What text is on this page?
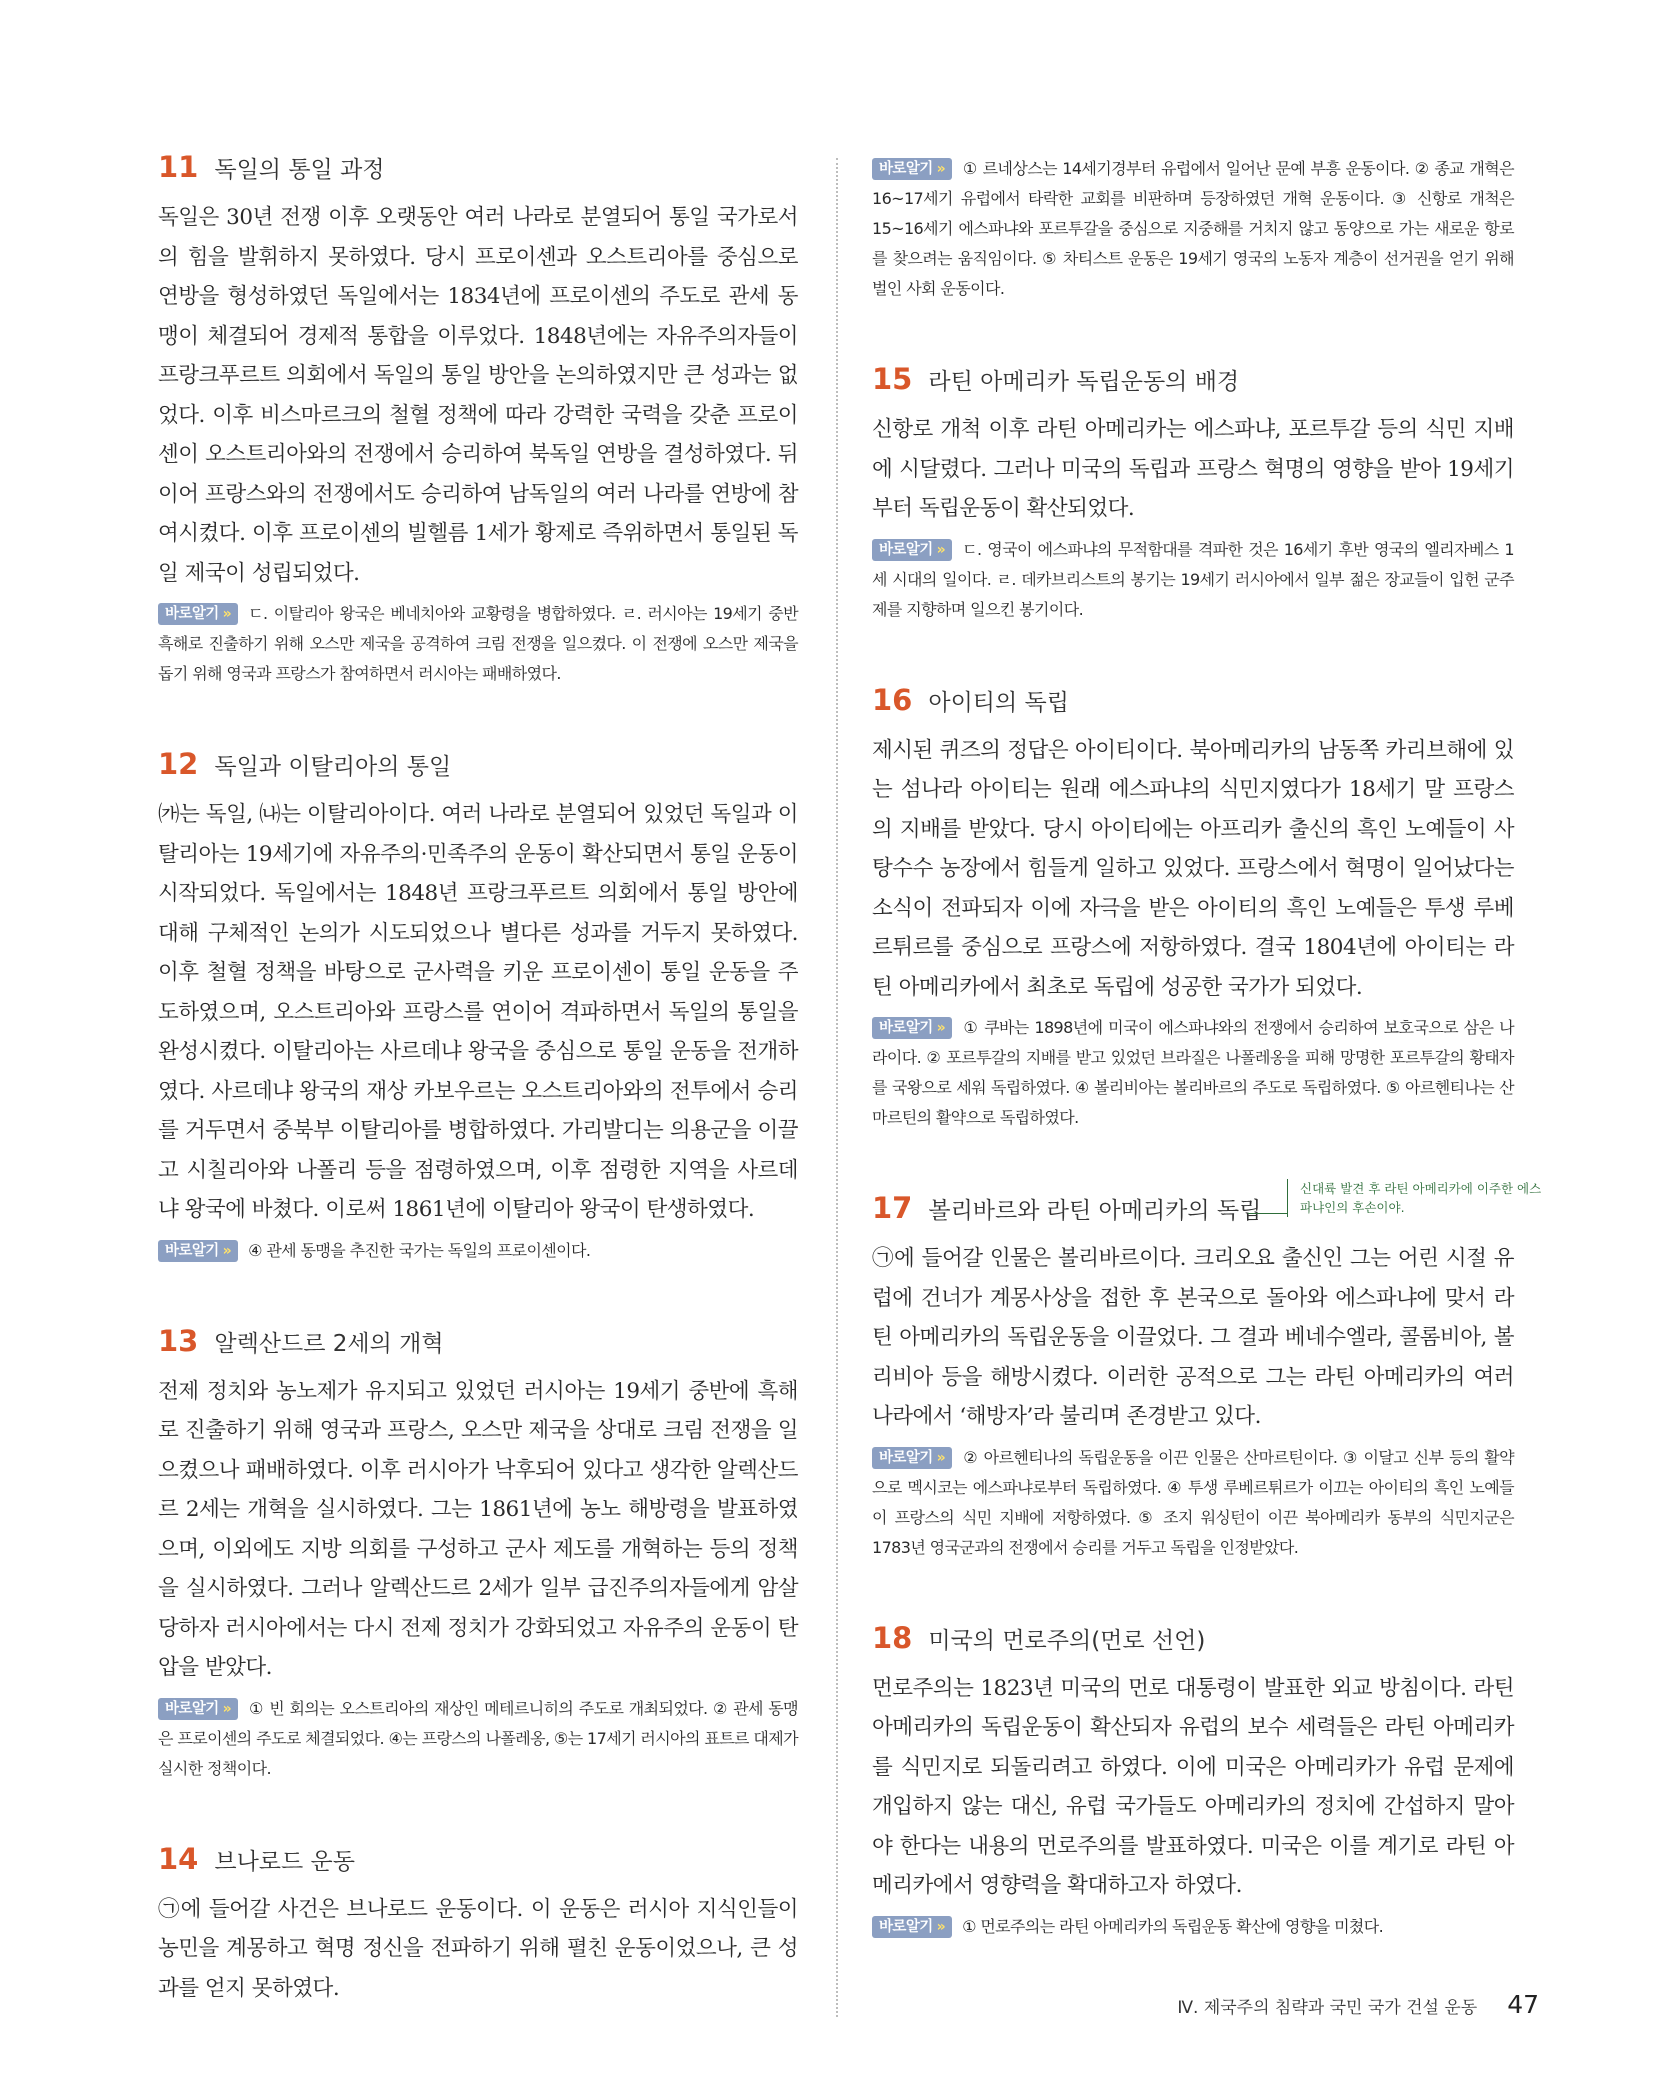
11 독일의 통일 과정

독일은 30년 전쟁 이후 오랫동안 여러 나라로 분열되어 통일 국가로서의 힘을 발휘하지 못하였다. 당시 프로이센과 오스트리아를 중심으로 연방을 형성하였던 독일에서는 1834년에 프로이센의 주도로 관세 동맹이 체결되어 경제적 통합을 이루었다. 1848년에는 자유주의자들이 프랑크푸르트 의회에서 독일의 통일 방안을 논의하였지만 큰 성과는 없었다. 이후 비스마르크의 철혈 정책에 따라 강력한 국력을 갖춘 프로이센이 오스트리아와의 전쟁에서 승리하여 북독일 연방을 결성하였다. 뒤이어 프랑스와의 전쟁에서도 승리하여 남독일의 여러 나라를 연방에 참여시켰다. 이후 프로이센의 빌헬름 1세가 황제로 즉위하면서 통일된 독일 제국이 성립되었다.

바로알기 » ㄷ. 이탈리아 왕국은 베네치아와 교황령을 병합하였다. ㄹ. 러시아는 19세기 중반 흑해로 진출하기 위해 오스만 제국을 공격하여 크림 전쟁을 일으켰다. 이 전쟁에 오스만 제국을 돕기 위해 영국과 프랑스가 참여하면서 러시아는 패배하였다.
12 독일과 이탈리아의 통일

㈎는 독일, ㈏는 이탈리아이다. 여러 나라로 분열되어 있었던 독일과 이탈리아는 19세기에 자유주의·민족주의 운동이 확산되면서 통일 운동이 시작되었다. 독일에서는 1848년 프랑크푸르트 의회에서 통일 방안에 대해 구체적인 논의가 시도되었으나 별다른 성과를 거두지 못하였다. 이후 철혈 정책을 바탕으로 군사력을 키운 프로이센이 통일 운동을 주도하였으며, 오스트리아와 프랑스를 연이어 격파하면서 독일의 통일을 완성시켰다. 이탈리아는 사르데냐 왕국을 중심으로 통일 운동을 전개하였다. 사르데냐 왕국의 재상 카보우르는 오스트리아와의 전투에서 승리를 거두면서 중북부 이탈리아를 병합하였다. 가리발디는 의용군을 이끌고 시칠리아와 나폴리 등을 점령하였으며, 이후 점령한 지역을 사르데냐 왕국에 바쳤다. 이로써 1861년에 이탈리아 왕국이 탄생하였다.

바로알기 » ④ 관세 동맹을 추진한 국가는 독일의 프로이센이다.
13 알렉산드르 2세의 개혁

전제 정치와 농노제가 유지되고 있었던 러시아는 19세기 중반에 흑해로 진출하기 위해 영국과 프랑스, 오스만 제국을 상대로 크림 전쟁을 일으켰으나 패배하였다. 이후 러시아가 낙후되어 있다고 생각한 알렉산드르 2세는 개혁을 실시하였다. 그는 1861년에 농노 해방령을 발표하였으며, 이외에도 지방 의회를 구성하고 군사 제도를 개혁하는 등의 정책을 실시하였다. 그러나 알렉산드르 2세가 일부 급진주의자들에게 암살당하자 러시아에서는 다시 전제 정치가 강화되었고 자유주의 운동이 탄압을 받았다.

바로알기 » ① 빈 회의는 오스트리아의 재상인 메테르니히의 주도로 개최되었다. ② 관세 동맹은 프로이센의 주도로 체결되었다. ④는 프랑스의 나폴레옹, ⑤는 17세기 러시아의 표트르 대제가 실시한 정책이다.
14 브나로드 운동

㉠에 들어갈 사건은 브나로드 운동이다. 이 운동은 러시아 지식인들이 농민을 계몽하고 혁명 정신을 전파하기 위해 펼친 운동이었으나, 큰 성과를 얻지 못하였다.

바로알기 » ① 르네상스는 14세기경부터 유럽에서 일어난 문예 부흥 운동이다. ② 종교 개혁은 16~17세기 유럽에서 타락한 교회를 비판하며 등장하였던 개혁 운동이다. ③ 신항로 개척은 15~16세기 에스파냐와 포르투갈을 중심으로 지중해를 거치지 않고 동양으로 가는 새로운 항로를 찾으려는 움직임이다. ⑤ 차티스트 운동은 19세기 영국의 노동자 계층이 선거권을 얻기 위해 벌인 사회 운동이다.
15 라틴 아메리카 독립운동의 배경

신항로 개척 이후 라틴 아메리카는 에스파냐, 포르투갈 등의 식민 지배에 시달렸다. 그러나 미국의 독립과 프랑스 혁명의 영향을 받아 19세기부터 독립운동이 확산되었다.

바로알기 » ㄷ. 영국이 에스파냐의 무적함대를 격파한 것은 16세기 후반 영국의 엘리자베스 1세 시대의 일이다. ㄹ. 데카브리스트의 봉기는 19세기 러시아에서 일부 젊은 장교들이 입헌 군주제를 지향하며 일으킨 봉기이다.
16 아이티의 독립

제시된 퀴즈의 정답은 아이티이다. 북아메리카의 남동쪽 카리브해에 있는 섬나라 아이티는 원래 에스파냐의 식민지였다가 18세기 말 프랑스의 지배를 받았다. 당시 아이티에는 아프리카 출신의 흑인 노예들이 사탕수수 농장에서 힘들게 일하고 있었다. 프랑스에서 혁명이 일어났다는 소식이 전파되자 이에 자극을 받은 아이티의 흑인 노예들은 투생 루베르튀르를 중심으로 프랑스에 저항하였다. 결국 1804년에 아이티는 라틴 아메리카에서 최초로 독립에 성공한 국가가 되었다.

바로알기 » ① 쿠바는 1898년에 미국이 에스파냐와의 전쟁에서 승리하여 보호국으로 삼은 나라이다. ② 포르투갈의 지배를 받고 있었던 브라질은 나폴레옹을 피해 망명한 포르투갈의 황태자를 국왕으로 세워 독립하였다. ④ 볼리비아는 볼리바르의 주도로 독립하였다. ⑤ 아르헨티나는 산마르틴의 활약으로 독립하였다.
17 볼리바르와 라틴 아메리카의 독립
신대륙 발견 후 라틴 아메리카에 이주한 에스파냐인의 후손이야.

㉠에 들어갈 인물은 볼리바르이다. 크리오요 출신인 그는 어린 시절 유럽에 건너가 계몽사상을 접한 후 본국으로 돌아와 에스파냐에 맞서 라틴 아메리카의 독립운동을 이끌었다. 그 결과 베네수엘라, 콜롬비아, 볼리비아 등을 해방시켰다. 이러한 공적으로 그는 라틴 아메리카의 여러 나라에서 ‘해방자’라 불리며 존경받고 있다.

바로알기 » ② 아르헨티나의 독립운동을 이끈 인물은 산마르틴이다. ③ 이달고 신부 등의 활약으로 멕시코는 에스파냐로부터 독립하였다. ④ 투생 루베르튀르가 이끄는 아이티의 흑인 노예들이 프랑스의 식민 지배에 저항하였다. ⑤ 조지 워싱턴이 이끈 북아메리카 동부의 식민지군은 1783년 영국군과의 전쟁에서 승리를 거두고 독립을 인정받았다.
18 미국의 먼로주의(먼로 선언)

먼로주의는 1823년 미국의 먼로 대통령이 발표한 외교 방침이다. 라틴 아메리카의 독립운동이 확산되자 유럽의 보수 세력들은 라틴 아메리카를 식민지로 되돌리려고 하였다. 이에 미국은 아메리카가 유럽 문제에 개입하지 않는 대신, 유럽 국가들도 아메리카의 정치에 간섭하지 말아야 한다는 내용의 먼로주의를 발표하였다. 미국은 이를 계기로 라틴 아메리카에서 영향력을 확대하고자 하였다.

바로알기 » ① 먼로주의는 라틴 아메리카의 독립운동 확산에 영향을 미쳤다.
Ⅳ. 제국주의 침략과 국민 국가 건설 운동 47
